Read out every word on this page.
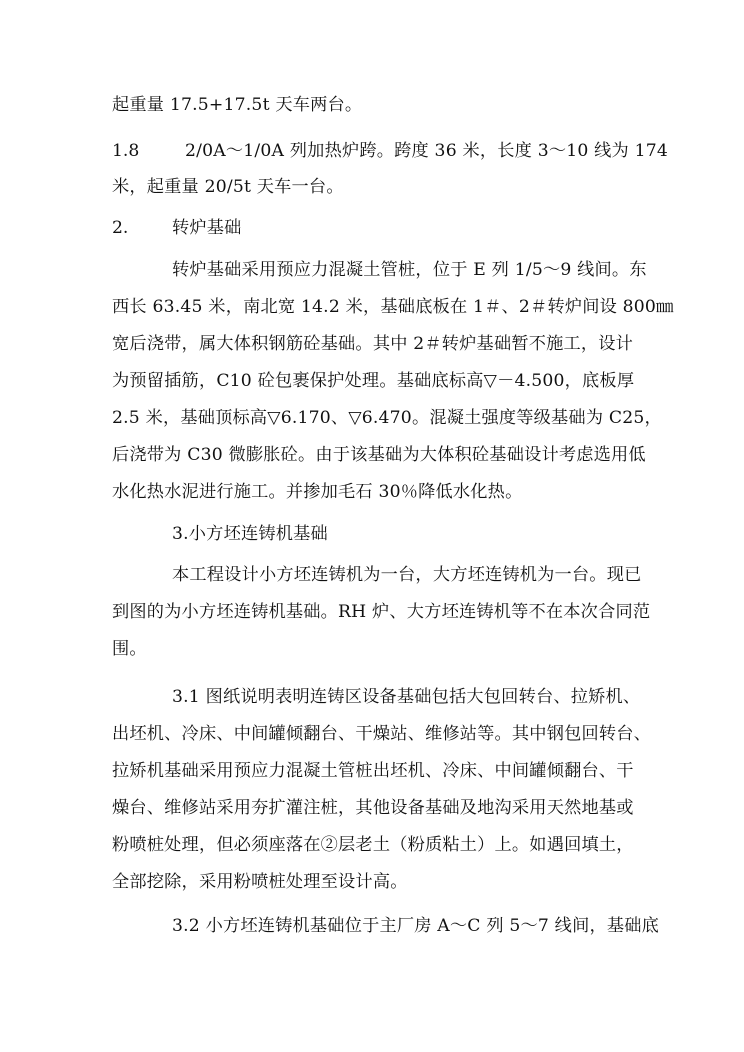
起重量 17.5+17.5t 天车两台。
1.8	2/0A～1/0A 列加热炉跨。跨度 36 米，长度 3～10 线为 174
米，起重量 20/5t 天车一台。
2.	转炉基础
转炉基础采用预应力混凝土管桩，位于 E 列 1/5～9 线间。东
西长 63.45 米，南北宽 14.2 米，基础底板在 1＃、2＃转炉间设 800㎜
宽后浇带，属大体积钢筋砼基础。其中 2＃转炉基础暂不施工，设计
为预留插筋，C10 砼包裹保护处理。基础底标高▽－4.500，底板厚
2.5 米，基础顶标高▽6.170、▽6.470。混凝土强度等级基础为 C25，
后浇带为 C30 微膨胀砼。由于该基础为大体积砼基础设计考虑选用低
水化热水泥进行施工。并掺加毛石 30％降低水化热。
3.小方坯连铸机基础
本工程设计小方坯连铸机为一台，大方坯连铸机为一台。现已
到图的为小方坯连铸机基础。RH 炉、大方坯连铸机等不在本次合同范
围。
3.1 图纸说明表明连铸区设备基础包括大包回转台、拉矫机、
出坯机、冷床、中间罐倾翻台、干燥站、维修站等。其中钢包回转台、
拉矫机基础采用预应力混凝土管桩出坯机、冷床、中间罐倾翻台、干
燥台、维修站采用夯扩灌注桩，其他设备基础及地沟采用天然地基或
粉喷桩处理，但必须座落在②层老土（粉质粘土）上。如遇回填土，
全部挖除，采用粉喷桩处理至设计高。
3.2 小方坯连铸机基础位于主厂房 A～C 列 5～7 线间，基础底
